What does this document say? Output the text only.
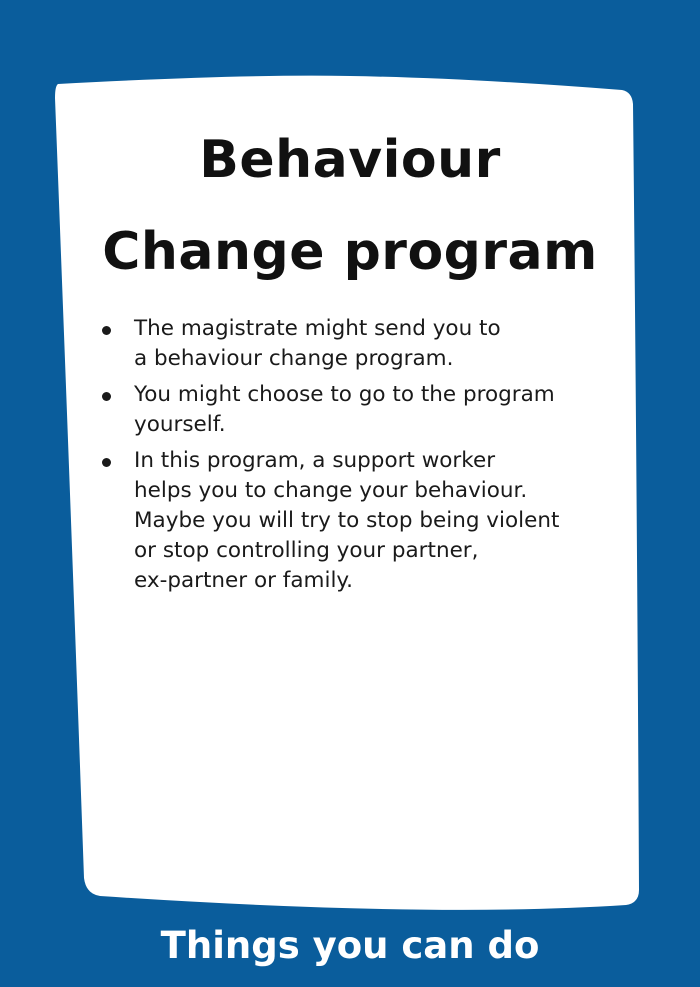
Behaviour
Change program
The magistrate might send you to
a behaviour change program.
You might choose to go to the program
yourself.
In this program, a support worker
helps you to change your behaviour.
Maybe you will try to stop being violent
or stop controlling your partner,
ex-partner or family.
Things you can do
